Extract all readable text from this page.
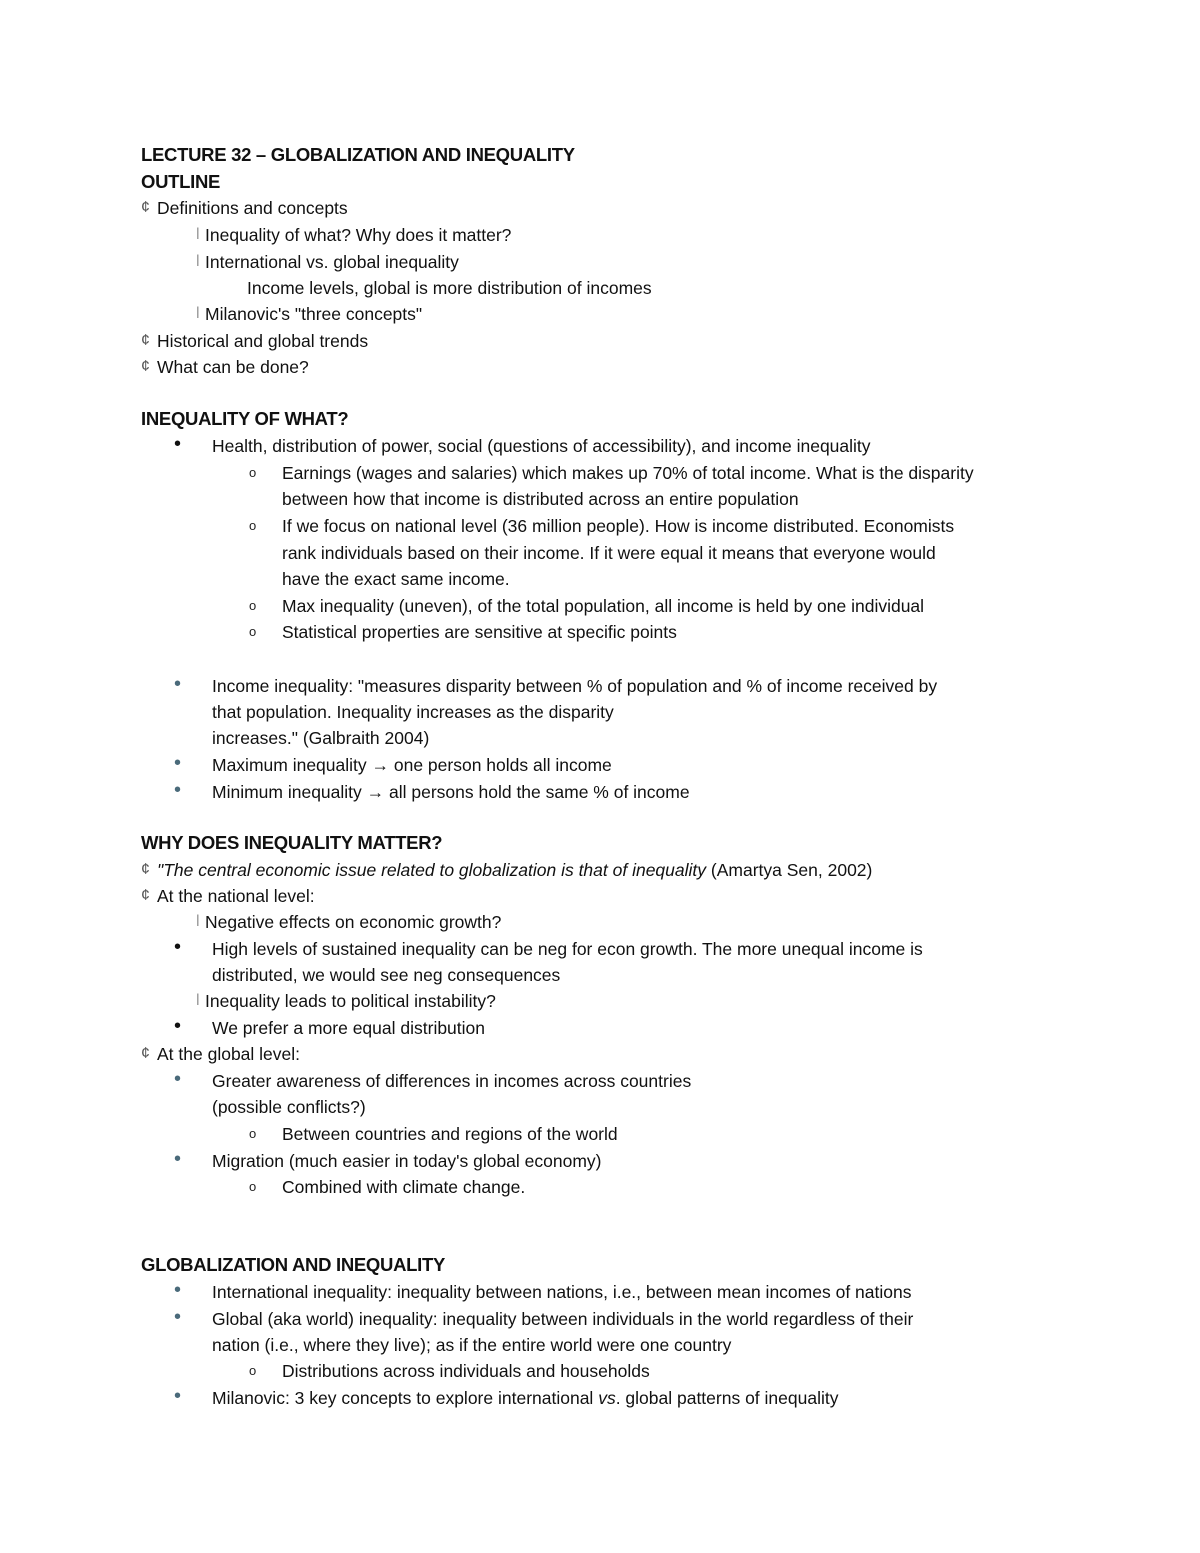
LECTURE 32 – GLOBALIZATION AND INEQUALITY
OUTLINE
¢ Definitions and concepts
l Inequality of what? Why does it matter?
l International vs. global inequality
Income levels, global is more distribution of incomes
l Milanovic's "three concepts"
¢ Historical and global trends
¢ What can be done?
INEQUALITY OF WHAT?
• Health, distribution of power, social (questions of accessibility), and income inequality
o Earnings (wages and salaries) which makes up 70% of total income. What is the disparity
between how that income is distributed across an entire population
o If we focus on national level (36 million people). How is income distributed. Economists
rank individuals based on their income. If it were equal it means that everyone would
have the exact same income.
o Max inequality (uneven), of the total population, all income is held by one individual
o Statistical properties are sensitive at specific points
• Income inequality: "measures disparity between % of population and % of income received by
that population. Inequality increases as the disparity
increases." (Galbraith 2004)
• Maximum inequality → one person holds all income
• Minimum inequality → all persons hold the same % of income
WHY DOES INEQUALITY MATTER?
¢ "The central economic issue related to globalization is that of inequality (Amartya Sen, 2002)
¢ At the national level:
l Negative effects on economic growth?
• High levels of sustained inequality can be neg for econ growth. The more unequal income is
distributed, we would see neg consequences
l Inequality leads to political instability?
• We prefer a more equal distribution
¢ At the global level:
• Greater awareness of differences in incomes across countries
(possible conflicts?)
o Between countries and regions of the world
• Migration (much easier in today's global economy)
o Combined with climate change.
GLOBALIZATION AND INEQUALITY
• International inequality: inequality between nations, i.e., between mean incomes of nations
• Global (aka world) inequality: inequality between individuals in the world regardless of their
nation (i.e., where they live); as if the entire world were one country
o Distributions across individuals and households
• Milanovic: 3 key concepts to explore international vs. global patterns of inequality
